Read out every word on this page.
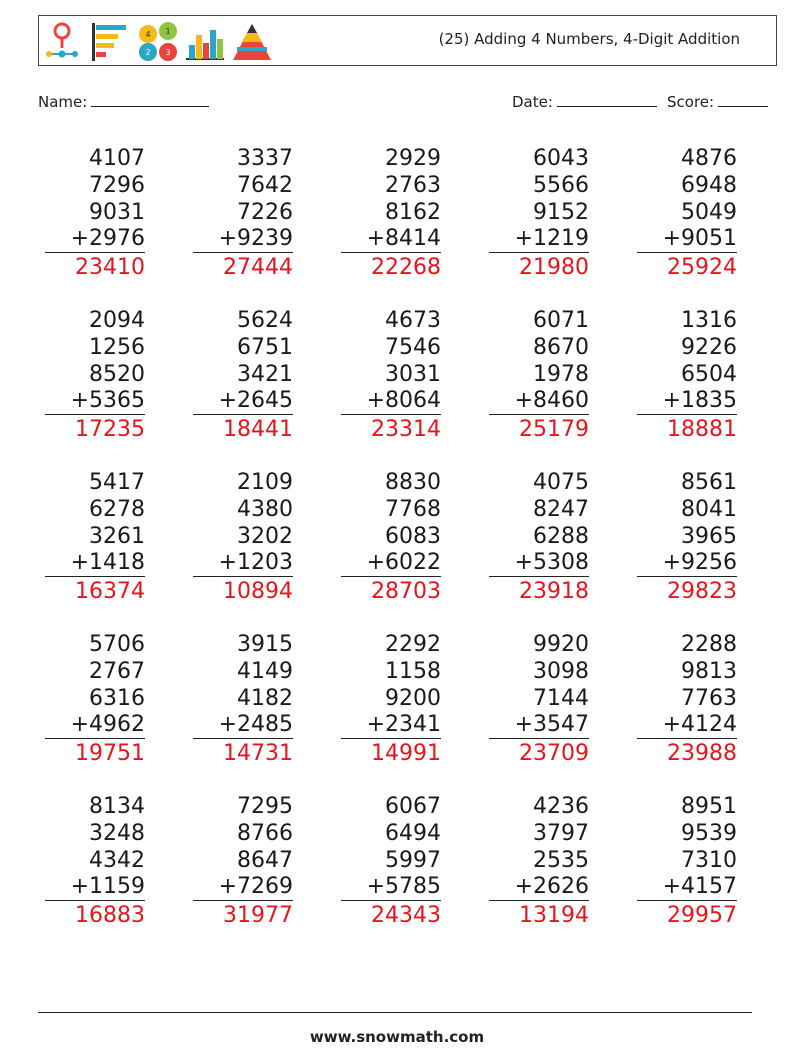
4 1
2 3
(25) Adding 4 Numbers, 4-Digit Addition
Name:	Date:	Score:
4107
7296
9031
+2976
23410
3337
7642
7226
+9239
27444
2929
2763
8162
+8414
22268
6043
5566
9152
+1219
21980
4876
6948
5049
+9051
25924
2094
1256
8520
+5365
17235
5624
6751
3421
+2645
18441
4673
7546
3031
+8064
23314
6071
8670
1978
+8460
25179
1316
9226
6504
+1835
18881
5417
6278
3261
+1418
16374
2109
4380
3202
+1203
10894
8830
7768
6083
+6022
28703
4075
8247
6288
+5308
23918
8561
8041
3965
+9256
29823
5706
2767
6316
+4962
19751
3915
4149
4182
+2485
14731
2292
1158
9200
+2341
14991
9920
3098
7144
+3547
23709
2288
9813
7763
+4124
23988
8134
3248
4342
+1159
16883
7295
8766
8647
+7269
31977
6067
6494
5997
+5785
24343
4236
3797
2535
+2626
13194
8951
9539
7310
+4157
29957
www.snowmath.com
